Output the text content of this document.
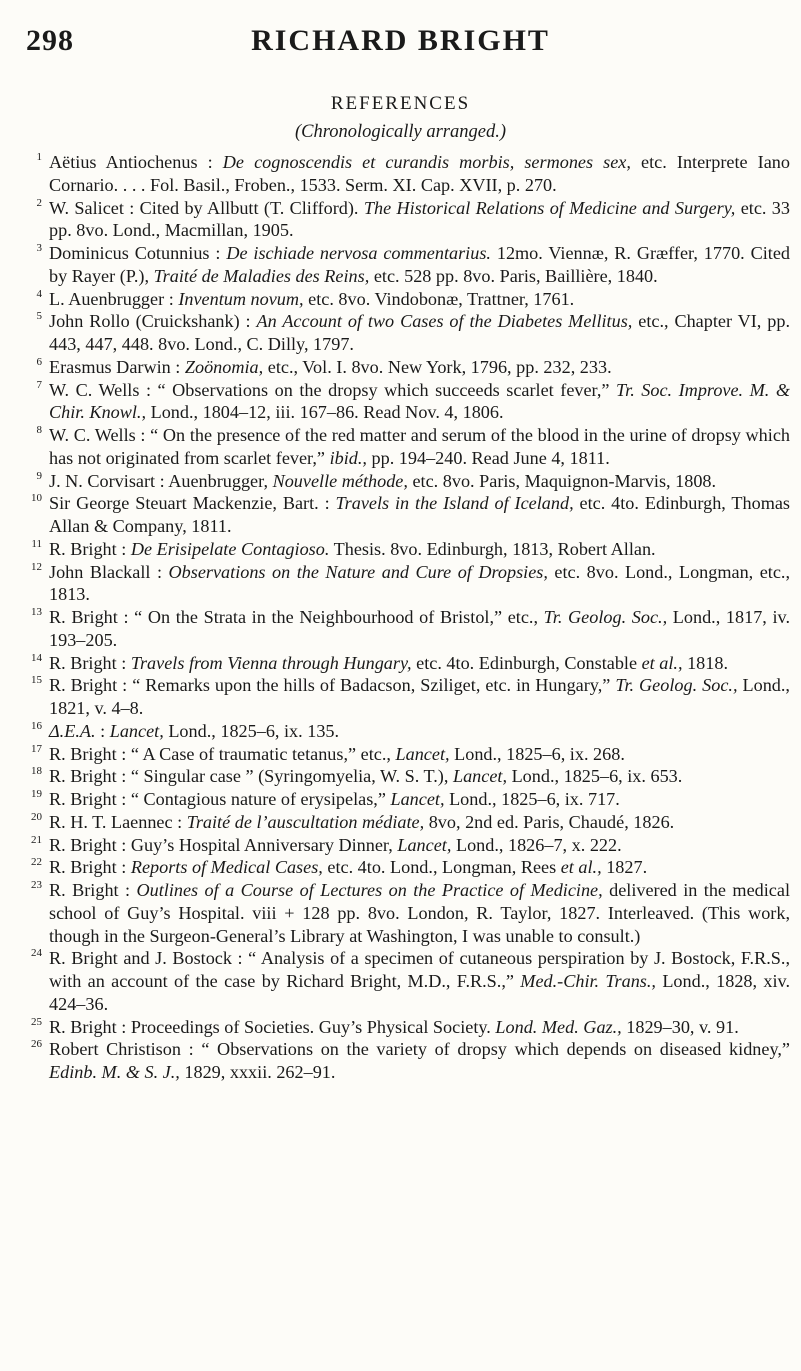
298	RICHARD BRIGHT
REFERENCES
(Chronologically arranged.)
1 Aëtius Antiochenus : De cognoscendis et curandis morbis, sermones sex, etc. Interprete Iano Cornario. . . . Fol. Basil., Froben., 1533. Serm. XI. Cap. XVII, p. 270.
2 W. Salicet : Cited by Allbutt (T. Clifford). The Historical Relations of Medicine and Surgery, etc. 33 pp. 8vo. Lond., Macmillan, 1905.
3 Dominicus Cotunnius : De ischiade nervosa commentarius. 12mo. Viennæ, R. Græffer, 1770. Cited by Rayer (P.), Traité de Maladies des Reins, etc. 528 pp. 8vo. Paris, Baillière, 1840.
4 L. Auenbrugger : Inventum novum, etc. 8vo. Vindobonæ, Trattner, 1761.
5 John Rollo (Cruickshank) : An Account of two Cases of the Diabetes Mellitus, etc., Chapter VI, pp. 443, 447, 448. 8vo. Lond., C. Dilly, 1797.
6 Erasmus Darwin : Zoönomia, etc., Vol. I. 8vo. New York, 1796, pp. 232, 233.
7 W. C. Wells : “ Observations on the dropsy which succeeds scarlet fever,” Tr. Soc. Improve. M. & Chir. Knowl., Lond., 1804–12, iii. 167–86. Read Nov. 4, 1806.
8 W. C. Wells : “ On the presence of the red matter and serum of the blood in the urine of dropsy which has not originated from scarlet fever,” ibid., pp. 194–240. Read June 4, 1811.
9 J. N. Corvisart : Auenbrugger, Nouvelle méthode, etc. 8vo. Paris, Maquignon-Marvis, 1808.
10 Sir George Steuart Mackenzie, Bart. : Travels in the Island of Iceland, etc. 4to. Edinburgh, Thomas Allan & Company, 1811.
11 R. Bright : De Erisipelate Contagioso. Thesis. 8vo. Edinburgh, 1813, Robert Allan.
12 John Blackall : Observations on the Nature and Cure of Dropsies, etc. 8vo. Lond., Longman, etc., 1813.
13 R. Bright : “ On the Strata in the Neighbourhood of Bristol,” etc., Tr. Geolog. Soc., Lond., 1817, iv. 193–205.
14 R. Bright : Travels from Vienna through Hungary, etc. 4to. Edinburgh, Constable et al., 1818.
15 R. Bright : “ Remarks upon the hills of Badacson, Sziliget, etc. in Hungary,” Tr. Geolog. Soc., Lond., 1821, v. 4–8.
16 Δ.E.A. : Lancet, Lond., 1825–6, ix. 135.
17 R. Bright : “ A Case of traumatic tetanus,” etc., Lancet, Lond., 1825–6, ix. 268.
18 R. Bright : “ Singular case ” (Syringomyelia, W. S. T.), Lancet, Lond., 1825–6, ix. 653.
19 R. Bright : “ Contagious nature of erysipelas,” Lancet, Lond., 1825–6, ix. 717.
20 R. H. T. Laennec : Traité de l’auscultation médiate, 8vo, 2nd ed. Paris, Chaudé, 1826.
21 R. Bright : Guy’s Hospital Anniversary Dinner, Lancet, Lond., 1826–7, x. 222.
22 R. Bright : Reports of Medical Cases, etc. 4to. Lond., Longman, Rees et al., 1827.
23 R. Bright : Outlines of a Course of Lectures on the Practice of Medicine, delivered in the medical school of Guy’s Hospital. viii + 128 pp. 8vo. London, R. Taylor, 1827. Interleaved. (This work, though in the Surgeon-General’s Library at Washington, I was unable to consult.)
24 R. Bright and J. Bostock : “ Analysis of a specimen of cutaneous perspiration by J. Bostock, F.R.S., with an account of the case by Richard Bright, M.D., F.R.S.,” Med.-Chir. Trans., Lond., 1828, xiv. 424–36.
25 R. Bright : Proceedings of Societies. Guy’s Physical Society. Lond. Med. Gaz., 1829–30, v. 91.
26 Robert Christison : “ Observations on the variety of dropsy which depends on diseased kidney,” Edinb. M. & S. J., 1829, xxxii. 262–91.
